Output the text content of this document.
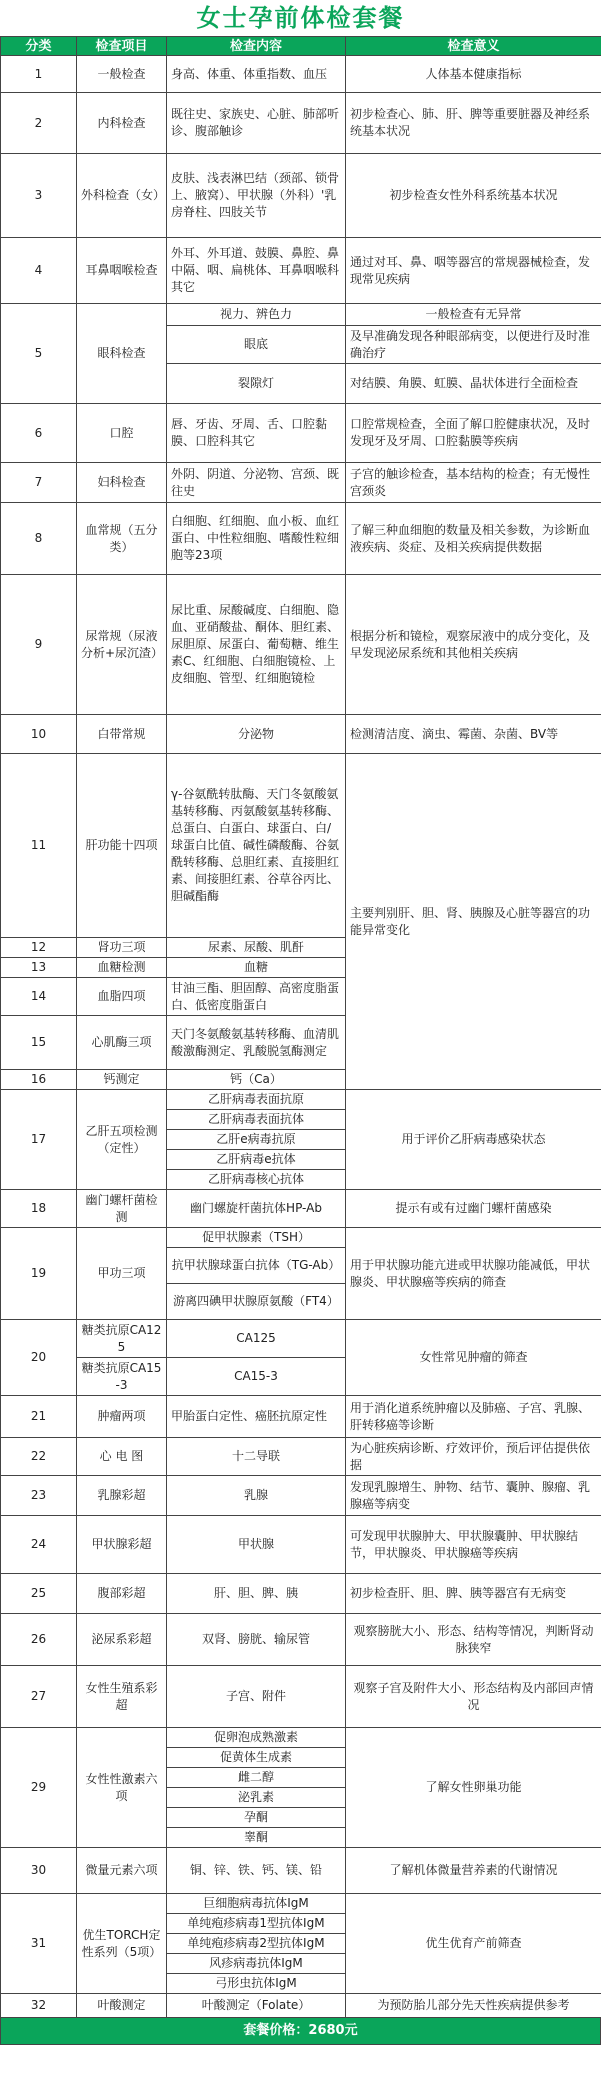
女士孕前体检套餐
分类	检查项目	检查内容	检查意义
1	一般检查	身高、体重、体重指数、血压	人体基本健康指标
2	内科检查	既往史、家族史、心脏、肺部听诊、腹部触诊	初步检查心、肺、肝、脾等重要脏器及神经系统基本状况
3	外科检查（女）	皮肤、浅表淋巴结（颈部、锁骨上、腋窝）、甲状腺（外科）'乳房脊柱、四肢关节	初步检查女性外科系统基本状况
4	耳鼻咽喉检查	外耳、外耳道、鼓膜、鼻腔、鼻中隔、咽、扁桃体、耳鼻咽喉科其它	通过对耳、鼻、咽等器宫的常规器械检查，发现常见疾病
5	眼科检查	视力、辨色力	一般检查有无异常
		眼底	及早准确发现各种眼部病变，以便进行及时准确治疗
		裂隙灯	对结膜、角膜、虹膜、晶状体进行全面检查
6	口腔	唇、牙齿、牙周、舌、口腔黏膜、口腔科其它	口腔常规检查，全面了解口腔健康状况，及时发现牙及牙周、口腔黏膜等疾病
7	妇科检查	外阴、阴道、分泌物、宫颈、既往史	子宫的触诊检查，基本结构的检查；有无慢性宫颈炎
8	血常规（五分类）	白细胞、红细胞、血小板、血红蛋白、中性粒细胞、嗜酸性粒细胞等23项	了解三种血细胞的数量及相关参数，为诊断血液疾病、炎症、及相关疾病提供数据
9	尿常规（尿液分析+尿沉渣）	尿比重、尿酸碱度、白细胞、隐血、亚硝酸盐、酮体、胆红素、尿胆原、尿蛋白、葡萄糖、维生素C、红细胞、白细胞镜检、上皮细胞、管型、红细胞镜检	根据分析和镜检，观察尿液中的成分变化，及早发现泌尿系统和其他相关疾病
10	白带常规	分泌物	检测清洁度、滴虫、霉菌、杂菌、BV等
11	肝功能十四项	γ-谷氨酰转肽酶、天门冬氨酸氨基转移酶、丙氨酸氨基转移酶、总蛋白、白蛋白、球蛋白、白/球蛋白比值、碱性磷酸酶、谷氨酰转移酶、总胆红素、直接胆红素、间接胆红素、谷草谷丙比、胆碱酯酶	主要判别肝、胆、肾、胰腺及心脏等器宫的功能异常变化
12	肾功三项	尿素、尿酸、肌酐	
13	血糖检测	血糖	
14	血脂四项	甘油三酯、胆固醇、高密度脂蛋白、低密度脂蛋白	
15	心肌酶三项	天门冬氨酸氨基转移酶、血清肌酸激酶测定、乳酸脱氢酶测定	
16	钙测定	钙（Ca）	
17	乙肝五项检测（定性）	乙肝病毒表面抗原	用于评价乙肝病毒感染状态
		乙肝病毒表面抗体	
		乙肝e病毒抗原	
		乙肝病毒e抗体	
		乙肝病毒核心抗体	
18	幽门螺杆菌检测	幽门螺旋杆菌抗体HP-Ab	提示有或有过幽门螺杆菌感染
19	甲功三项	促甲状腺素（TSH）	用于甲状腺功能亢进或甲状腺功能减低，甲状腺炎、甲状腺癌等疾病的筛查
		抗甲状腺球蛋白抗体（TG-Ab）	
		游离四碘甲状腺原氨酸（FT4）	
20	糖类抗原CA125	CA125	女性常见肿瘤的筛查
	糖类抗原CA15-3	CA15-3	
21	肿瘤两项	甲胎蛋白定性、癌胚抗原定性	用于消化道系统肿瘤以及肺癌、子宫、乳腺、肝转移癌等诊断
22	心 电 图	十二导联	为心脏疾病诊断、疗效评价，预后评估提供依据
23	乳腺彩超	乳腺	发现乳腺增生、肿物、结节、囊肿、腺瘤、乳腺癌等病变
24	甲状腺彩超	甲状腺	可发现甲状腺肿大、甲状腺囊肿、甲状腺结节，甲状腺炎、甲状腺癌等疾病
25	腹部彩超	肝、胆、脾、胰	初步检查肝、胆、脾、胰等器宫有无病变
26	泌尿系彩超	双肾、膀胱、输尿管	观察膀胱大小、形态、结构等情况，判断肾动脉狭窄
27	女性生殖系彩超	子宫、附件	观察子宫及附件大小、形态结构及内部回声情况
29	女性性激素六项	促卵泡成熟激素	了解女性卵巢功能
		促黄体生成素	
		雌二醇	
		泌乳素	
		孕酮	
		睾酮	
30	微量元素六项	铜、锌、铁、钙、镁、铅	了解机体微量营养素的代谢情况
31	优生TORCH定性系列（5项）	巨细胞病毒抗体IgM	优生优育产前筛查
		单纯疱疹病毒1型抗体IgM	
		单纯疱疹病毒2型抗体IgM	
		风疹病毒抗体IgM	
		弓形虫抗体IgM	
32	叶酸测定	叶酸测定（Folate）	为预防胎儿部分先天性疾病提供参考
套餐价格：2680元
